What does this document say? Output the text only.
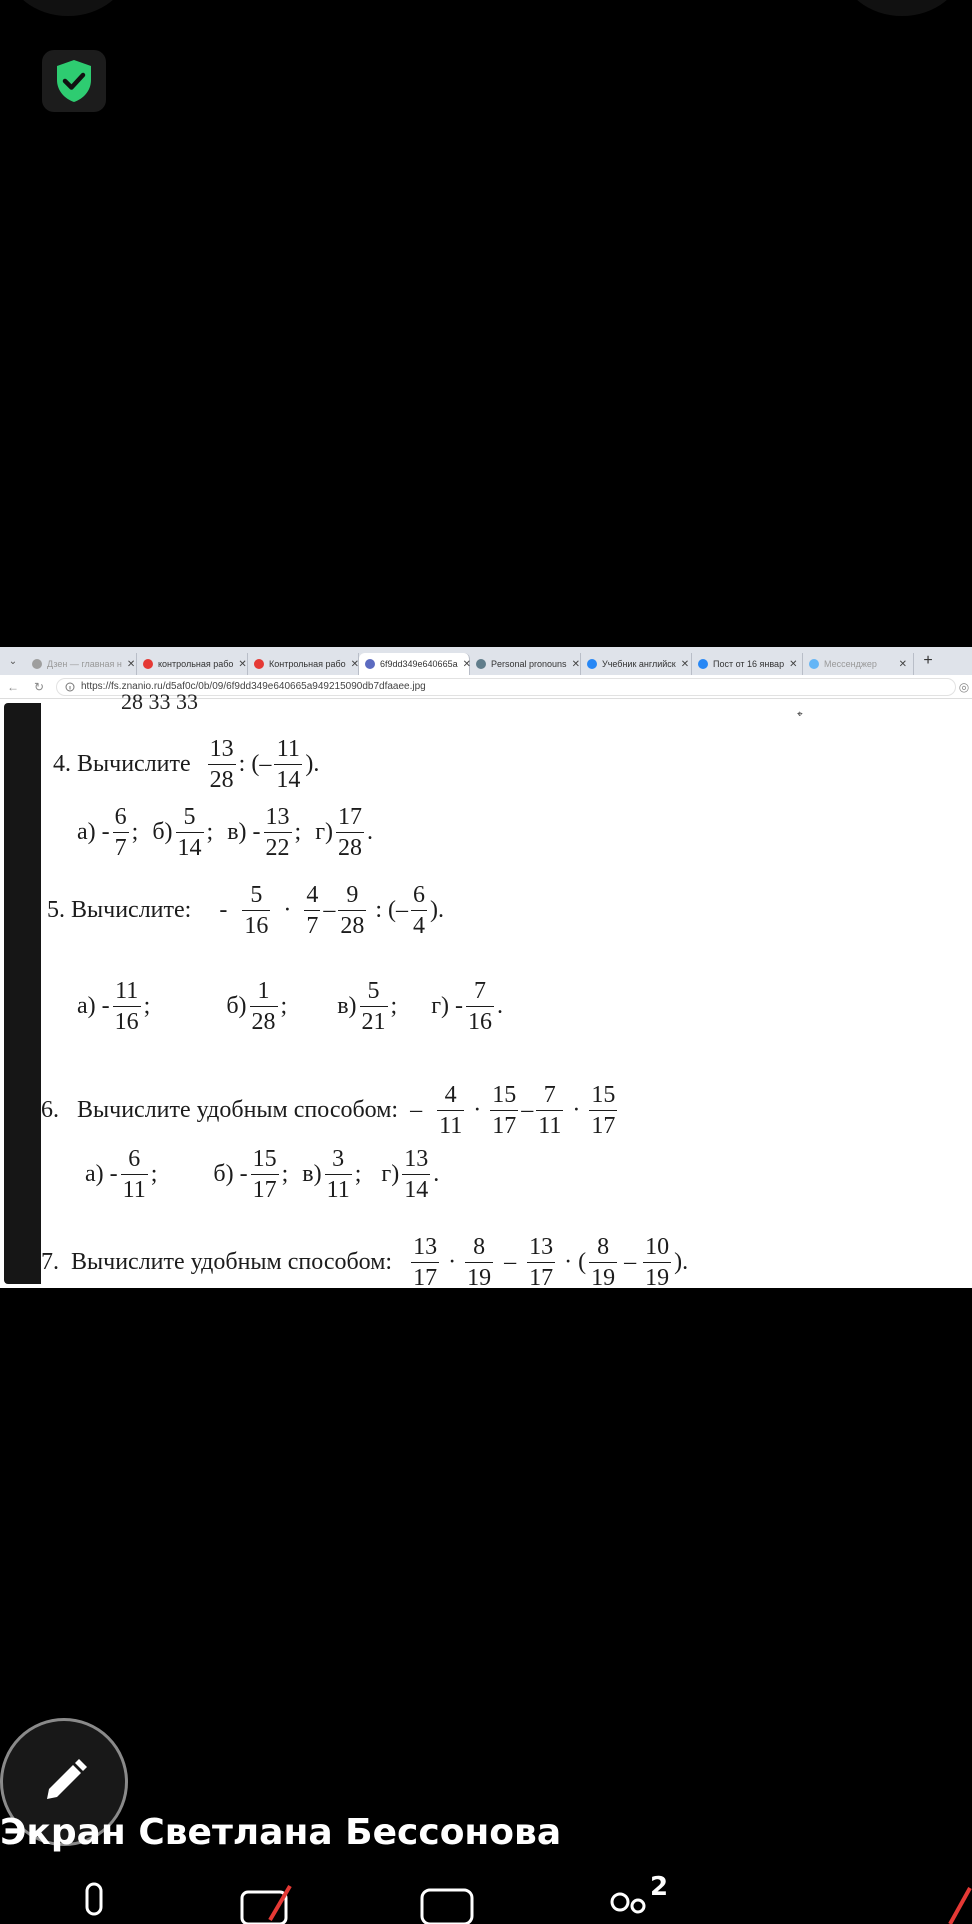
⌄	Дзен — главная н ✕	контрольная рабо ✕ Контрольная рабо ✕ 6f9dd349e640665a ✕ Personal pronouns ✕ Учебник английск ✕	Пост от 16 январ ✕	Мессенджер	✕	+
←	↻	https://fs.znanio.ru/d5af0c/0b/09/6f9dd349e640665a949215090db7dfaaee.jpg	◎
28 33 33
4. Вычислите $\frac{13}{28}$ : (– $\frac{11}{14}$ ).
$а) - \frac{6}{7}$ ; $б) \frac{5}{14}$ ; $в) - \frac{13}{22}$ ; $г) \frac{17}{28}$ .
5. Вычислите: - $\frac{5}{16} \cdot \frac{4}{7} - \frac{9}{28}$ : (– $\frac{6}{4}$ ).
$а) - \frac{11}{16}$ ;	$б) \frac{1}{28}$ ; $в) \frac{5}{21}$ ; $г) - \frac{7}{16}$ .
6.   Вычислите удобным способом: – $\frac{4}{11} \cdot \frac{15}{17} - \frac{7}{11} \cdot \frac{15}{17}$
$а) - \frac{6}{11}$ ; $б) - \frac{15}{17}$ ; $в) \frac{3}{11}$ ; $г) \frac{13}{14}$ .
7.  Вычислите удобным способом: $\frac{13}{17} \cdot \frac{8}{19} - \frac{13}{17}$ · ( $\frac{8}{19} - \frac{10}{19}$ ).
⌖
Экран Светлана Бессонова
2
